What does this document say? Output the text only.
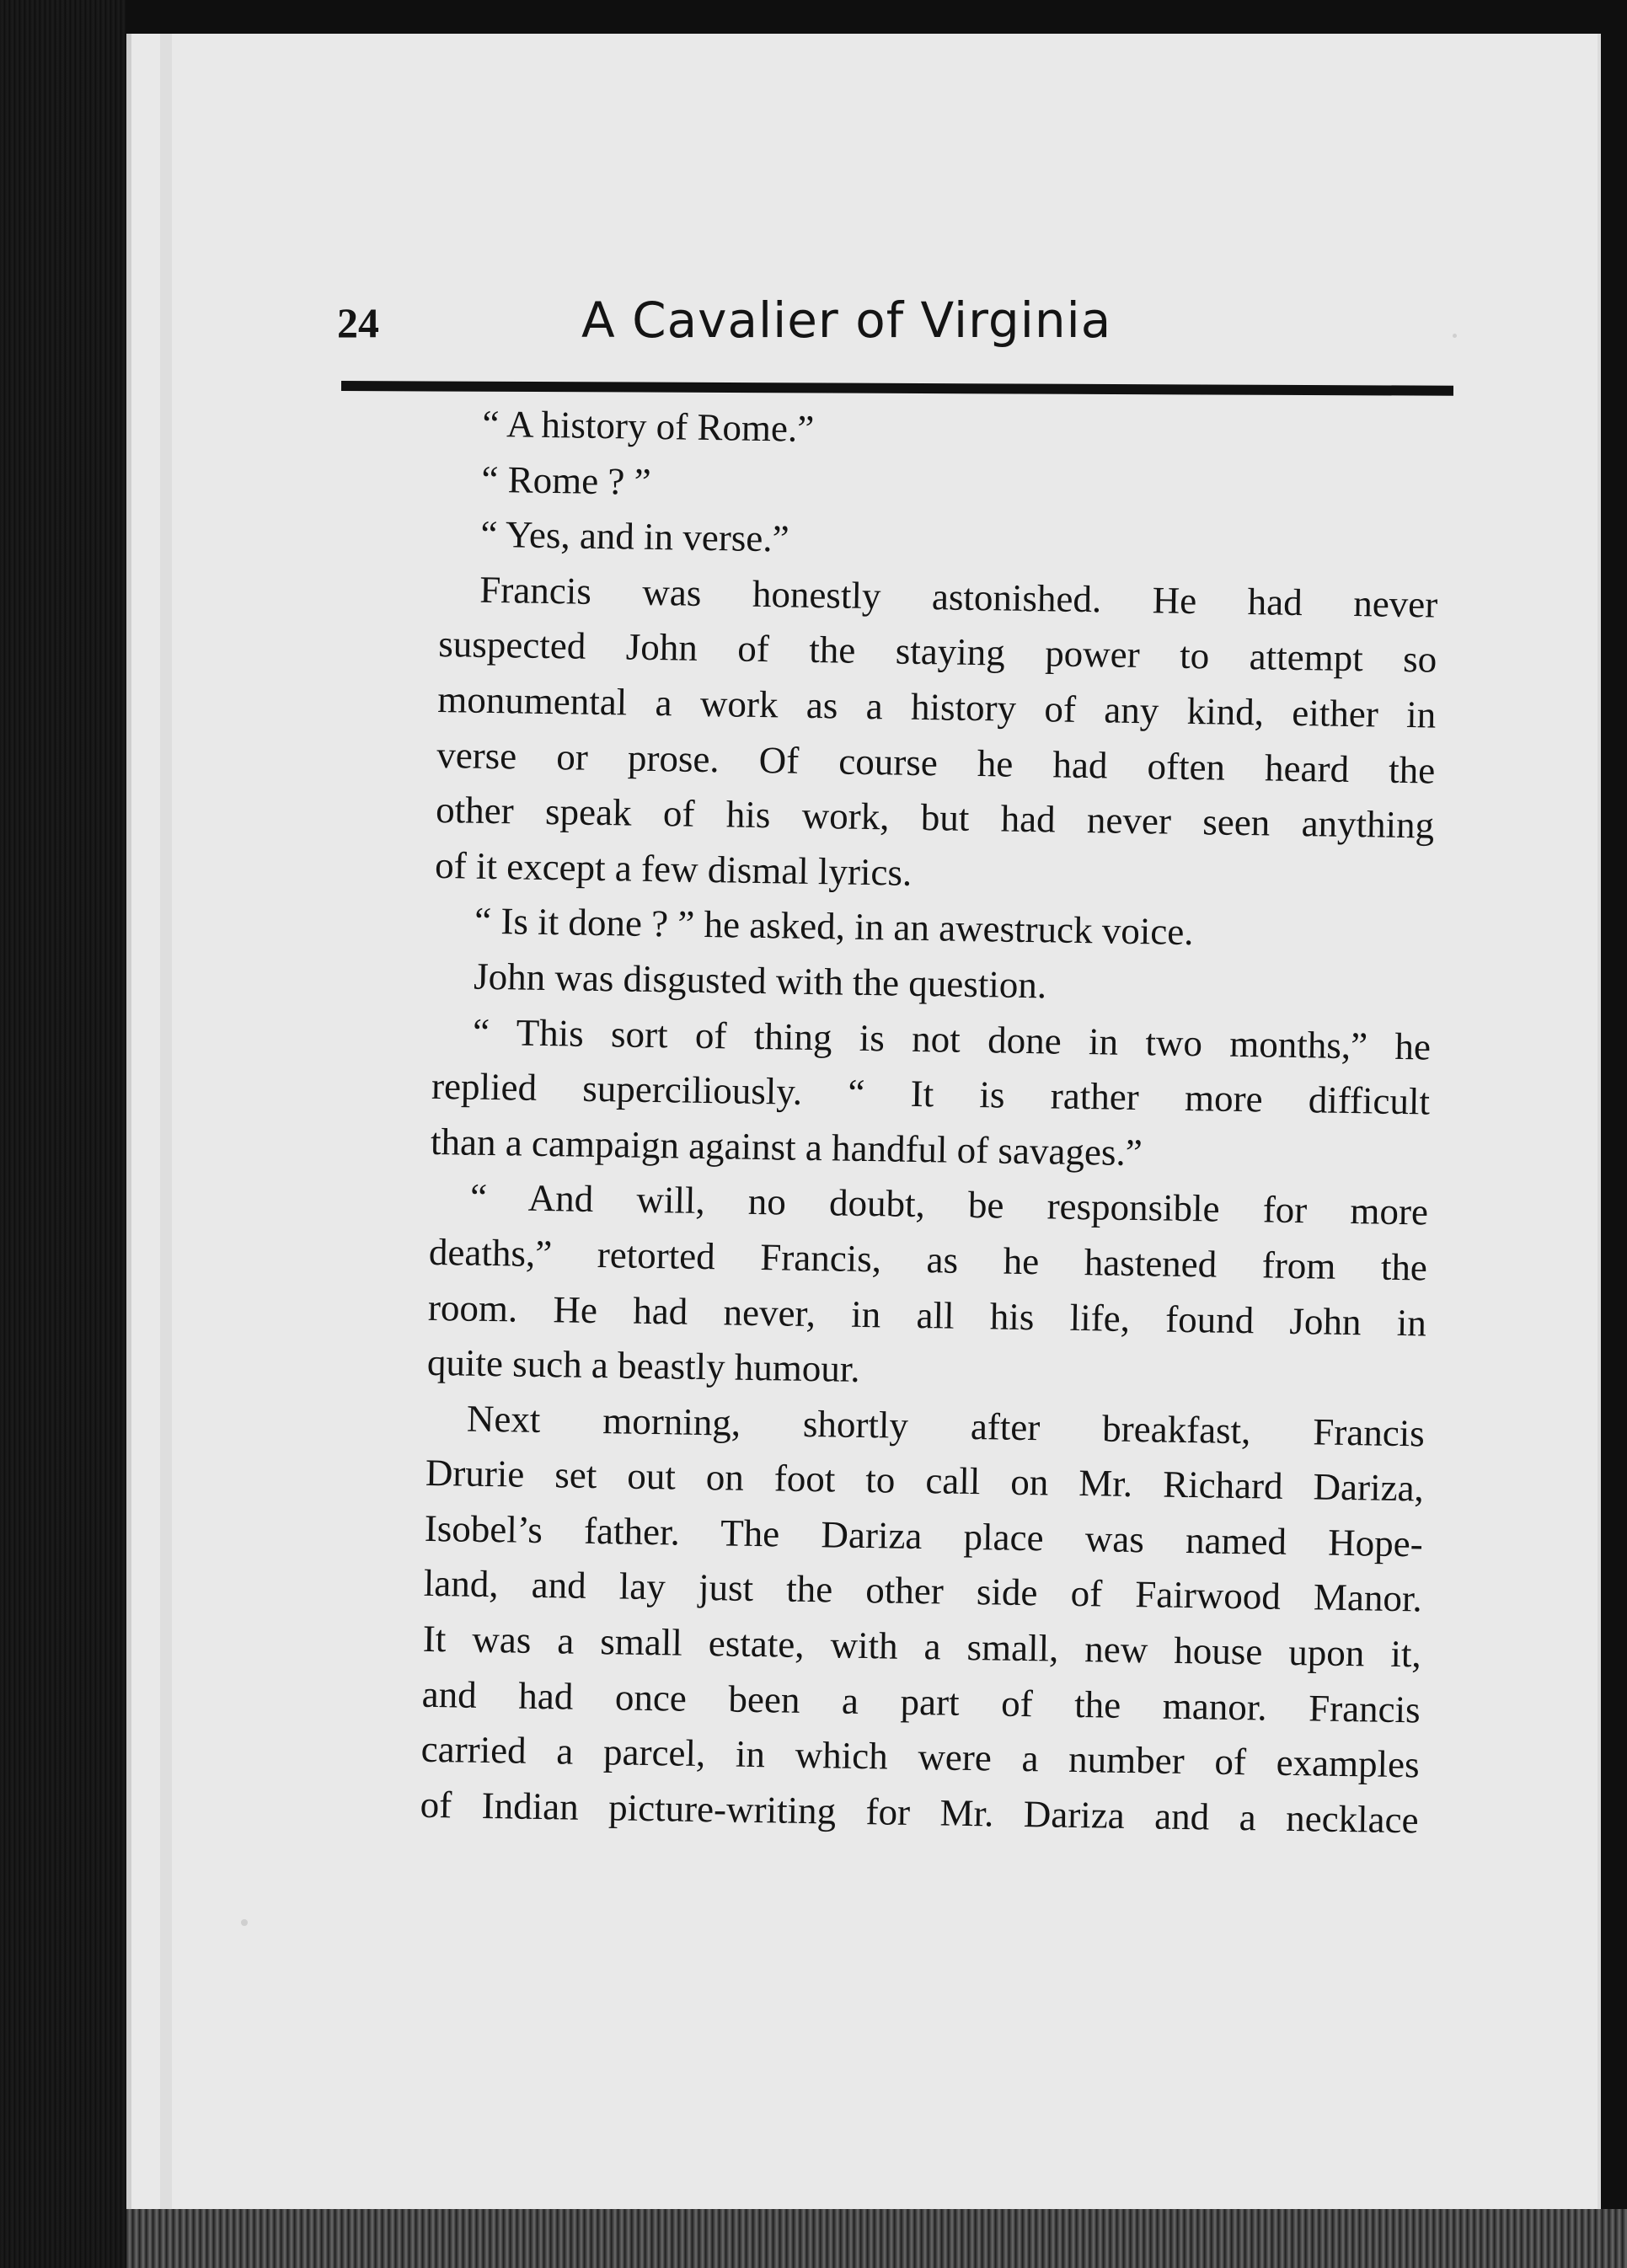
24	A Cavalier of Virginia
“ A history of Rome.”
“ Rome ? ”
“ Yes, and in verse.”
Francis was honestly astonished. He had never
suspected John of the staying power to attempt so
monumental a work as a history of any kind, either in
verse or prose. Of course he had often heard the
other speak of his work, but had never seen anything
of it except a few dismal lyrics.
“ Is it done ? ” he asked, in an awestruck voice.
John was disgusted with the question.
“ This sort of thing is not done in two months,” he
replied superciliously. “ It is rather more difficult
than a campaign against a handful of savages.”
“ And will, no doubt, be responsible for more
deaths,” retorted Francis, as he hastened from the
room. He had never, in all his life, found John in
quite such a beastly humour.
Next morning, shortly after breakfast, Francis
Drurie set out on foot to call on Mr. Richard Dariza,
Isobel’s father. The Dariza place was named Hope-
land, and lay just the other side of Fairwood Manor.
It was a small estate, with a small, new house upon it,
and had once been a part of the manor. Francis
carried a parcel, in which were a number of examples
of Indian picture-writing for Mr. Dariza and a necklace
